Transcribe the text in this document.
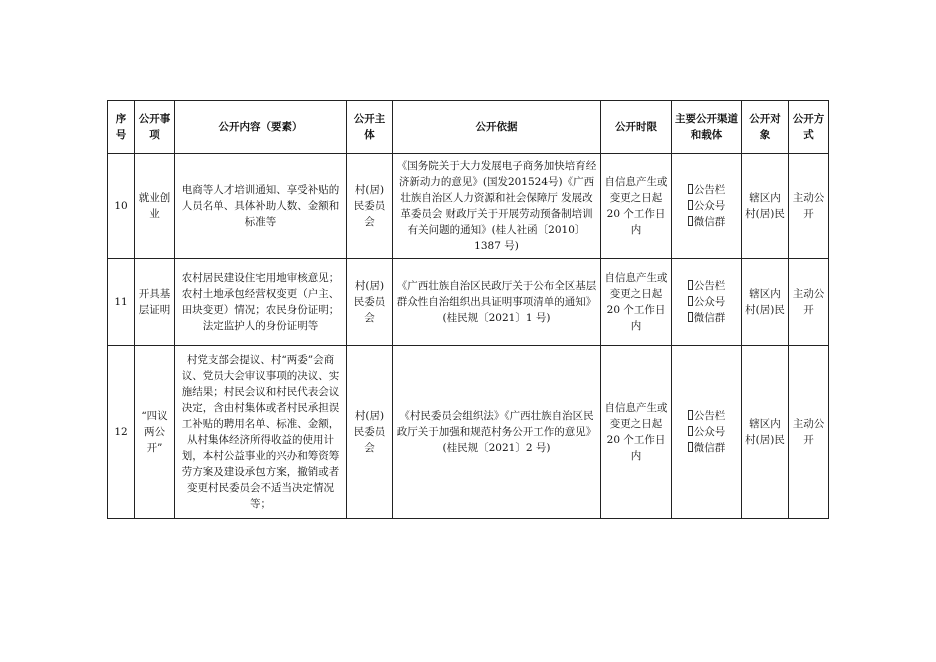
序号	公开事项	公开内容（要素）	公开主体	公开依据	公开时限	主要公开渠道和载体	公开对象	公开方式
10	就业创业	电商等人才培训通知、享受补贴的人员名单、具体补助人数、金额和标准等	村(居)民委员会	《国务院关于大力发展电子商务加快培育经济新动力的意见》(国发201524号)《广西壮族自治区人力资源和社会保障厅 发展改革委员会 财政厅关于开展劳动预备制培训有关问题的通知》(桂人社函〔2010〕1387 号)	自信息产生或变更之日起 20 个工作日内	公告栏
公众号
微信群	辖区内村(居)民	主动公开
11	开具基层证明	农村居民建设住宅用地审核意见；农村土地承包经营权变更（户主、田块变更）情况；农民身份证明；法定监护人的身份证明等	村(居)民委员会	《广西壮族自治区民政厅关于公布全区基层群众性自治组织出具证明事项清单的通知》(桂民规〔2021〕1 号)	自信息产生或变更之日起 20 个工作日内	公告栏
公众号
微信群	辖区内村(居)民	主动公开
12	“四议两公开”	村党支部会提议、村“两委”会商议、党员大会审议事项的决议、实施结果；村民会议和村民代表会议决定，含由村集体或者村民承担误工补贴的聘用名单、标准、金额，从村集体经济所得收益的使用计划，本村公益事业的兴办和筹资筹劳方案及建设承包方案，撤销或者变更村民委员会不适当决定情况等；	村(居)民委员会	《村民委员会组织法》《广西壮族自治区民政厅关于加强和规范村务公开工作的意见》(桂民规〔2021〕2 号)	自信息产生或变更之日起 20 个工作日内	公告栏
公众号
微信群	辖区内村(居)民	主动公开
